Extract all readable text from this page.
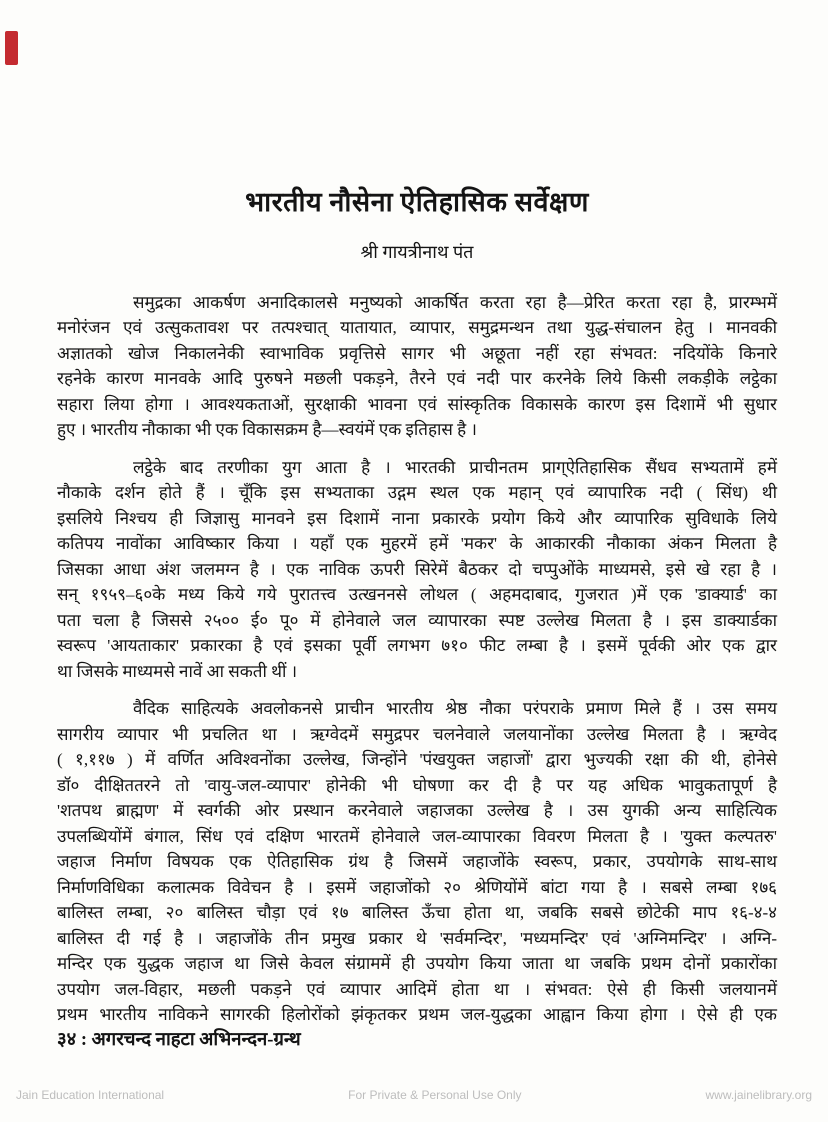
भारतीय नौसेना ऐतिहासिक सर्वेक्षण
श्री गायत्रीनाथ पंत
समुद्रका आकर्षण अनादिकालसे मनुष्यको आकर्षित करता रहा है—प्रेरित करता रहा है, प्रारम्भमें
मनोरंजन एवं उत्सुकतावश पर तत्पश्चात् यातायात, व्यापार, समुद्रमन्थन तथा युद्ध-संचालन हेतु । मानवकी
अज्ञातको खोज निकालनेकी स्वाभाविक प्रवृत्तिसे सागर भी अछूता नहीं रहा संभवत: नदियोंके किनारे
रहनेके कारण मानवके आदि पुरुषने मछली पकड़ने, तैरने एवं नदी पार करनेके लिये किसी लकड़ीके लट्ठेका
सहारा लिया होगा । आवश्यकताओं, सुरक्षाकी भावना एवं सांस्कृतिक विकासके कारण इस दिशामें भी सुधार
हुए । भारतीय नौकाका भी एक विकासक्रम है—स्वयंमें एक इतिहास है ।
लट्ठेके बाद तरणीका युग आता है । भारतकी प्राचीनतम प्राग्ऐतिहासिक सैंधव सभ्यतामें हमें
नौकाके दर्शन होते हैं । चूँकि इस सभ्यताका उद्गम स्थल एक महान् एवं व्यापारिक नदी ( सिंध) थी
इसलिये निश्चय ही जिज्ञासु मानवने इस दिशामें नाना प्रकारके प्रयोग किये और व्यापारिक सुविधाके लिये
कतिपय नावोंका आविष्कार किया । यहाँ एक मुहरमें हमें 'मकर' के आकारकी नौकाका अंकन मिलता है
जिसका आधा अंश जलमग्न है । एक नाविक ऊपरी सिरेमें बैठकर दो चप्पुओंके माध्यमसे, इसे खे रहा है ।
सन् १९५९–६०के मध्य किये गये पुरातत्त्व उत्खननसे लोथल ( अहमदाबाद, गुजरात )में एक 'डाक्यार्ड' का
पता चला है जिससे २५०० ई० पू० में होनेवाले जल व्यापारका स्पष्ट उल्लेख मिलता है । इस डाक्यार्डका
स्वरूप 'आयताकार' प्रकारका है एवं इसका पूर्वी लगभग ७१० फीट लम्बा है । इसमें पूर्वकी ओर एक द्वार
था जिसके माध्यमसे नावें आ सकती थीं ।
वैदिक साहित्यके अवलोकनसे प्राचीन भारतीय श्रेष्ठ नौका परंपराके प्रमाण मिले हैं । उस समय
सागरीय व्यापार भी प्रचलित था । ऋग्वेदमें समुद्रपर चलनेवाले जलयानोंका उल्लेख मिलता है । ऋग्वेद
( १,११७ ) में वर्णित अविश्वनोंका उल्लेख, जिन्होंने 'पंखयुक्त जहाजों' द्वारा भुज्यकी रक्षा की थी, होनेसे
डॉ० दीक्षिततरने तो 'वायु-जल-व्यापार' होनेकी भी घोषणा कर दी है पर यह अधिक भावुकतापूर्ण है
'शतपथ ब्राह्मण' में स्वर्गकी ओर प्रस्थान करनेवाले जहाजका उल्लेख है । उस युगकी अन्य साहित्यिक
उपलब्धियोंमें बंगाल, सिंध एवं दक्षिण भारतमें होनेवाले जल-व्यापारका विवरण मिलता है । 'युक्त कल्पतरु'
जहाज निर्माण विषयक एक ऐतिहासिक ग्रंथ है जिसमें जहाजोंके स्वरूप, प्रकार, उपयोगके साथ-साथ
निर्माणविधिका कलात्मक विवेचन है । इसमें जहाजोंको २० श्रेणियोंमें बांटा गया है । सबसे लम्बा १७६
बालिस्त लम्बा, २० बालिस्त चौड़ा एवं १७ बालिस्त ऊँचा होता था, जबकि सबसे छोटेकी माप १६-४-४
बालिस्त दी गई है । जहाजोंके तीन प्रमुख प्रकार थे 'सर्वमन्दिर', 'मध्यमन्दिर' एवं 'अग्निमन्दिर' । अग्नि-
मन्दिर एक युद्धक जहाज था जिसे केवल संग्राममें ही उपयोग किया जाता था जबकि प्रथम दोनों प्रकारोंका
उपयोग जल-विहार, मछली पकड़ने एवं व्यापार आदिमें होता था । संभवत: ऐसे ही किसी जलयानमें
प्रथम भारतीय नाविकने सागरकी हिलोरोंको झंकृतकर प्रथम जल-युद्धका आह्वान किया होगा । ऐसे ही एक
३४ : अगरचन्द नाहटा अभिनन्दन-ग्रन्थ
Jain Education International	For Private & Personal Use Only	www.jainelibrary.org
